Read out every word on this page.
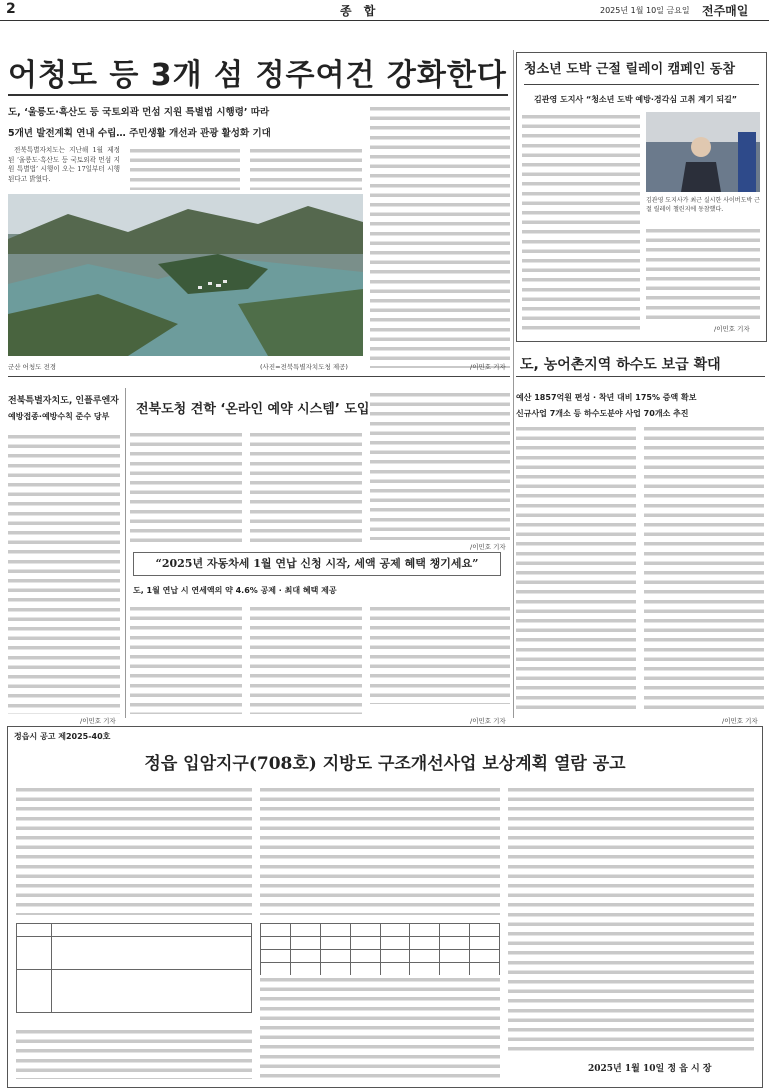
2	종 합	2025년 1월 10일 금요일 전주매일
어청도 등 3개 섬 정주여건 강화한다
도, ‘울릉도·흑산도 등 국토외곽 먼섬 지원 특별법 시행령’ 따라
5개년 발전계획 연내 수립… 주민생활 개선과 관광 활성화 기대

전북특별자치도는 지난해 1월 제정된 ‘울릉도·흑산도 등 국토외곽 먼섬 지원 특별법’ 시행이 오는 17일부터 시행된다고 밝혔다.

군산 어청도 전경	(사진=전북특별자치도청 제공)	/이민호 기자
청소년 도박 근절 릴레이 캠페인 동참
김관영 도지사 “청소년 도박 예방·경각심 고취 계기 되길”
김관영 도지사가 최근 실시한 사이버도박 근절 릴레이 챌린지에 동참했다.
/이민호 기자
도, 농어촌지역 하수도 보급 확대
예산 1857억원 편성 · 착년 대비 175% 증액 확보
신규사업 7개소 등 하수도분야 사업 70개소 추진
/이민호 기자
전북특별자치도, 인플루엔자
예방접종·예방수칙 준수 당부
/이민호 기자
전북도청 견학 ‘온라인 예약 시스템’ 도입
/이민호 기자
“2025년 자동차세 1월 연납 신청 시작, 세액 공제 혜택 챙기세요”
도, 1월 연납 시 연세액의 약 4.6% 공제 · 최대 혜택 제공
/이민호 기자
정읍시 공고 제2025-40호
정읍 입암지구(708호) 지방도 구조개선사업 보상계획 열람 공고

2025년 1월 10일 정 읍 시 장
